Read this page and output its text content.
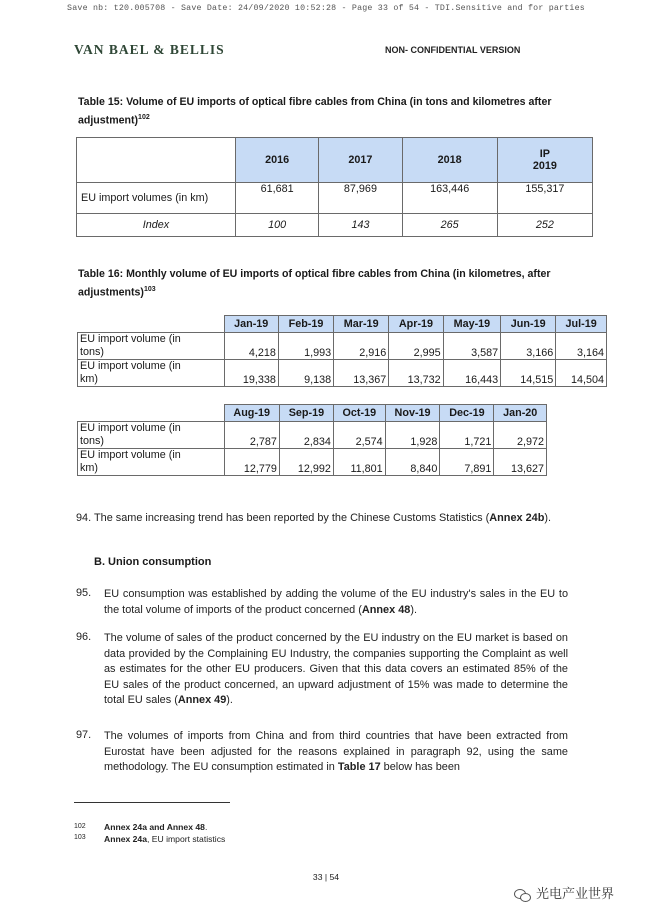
Save nb: t20.005708 - Save Date: 24/09/2020 10:52:28 - Page 33 of 54 - TDI.Sensitive and for parties
VAN BAEL & BELLIS	NON- CONFIDENTIAL VERSION
Table 15: Volume of EU imports of optical fibre cables from China (in tons and kilometres after adjustment)$^{102}$
	2016	2017	2018	IP
2019
EU import volumes (in km)	61,681	87,969	163,446	155,317
Index	100	143	265	252
Table 16: Monthly volume of EU imports of optical fibre cables from China (in kilometres, after adjustments)$^{103}$
	Jan-19	Feb-19	Mar-19	Apr-19	May-19	Jun-19	Jul-19
EU import volume (in
tons)	4,218	1,993	2,916	2,995	3,587	3,166	3,164
EU import volume (in
km)	19,338	9,138	13,367	13,732	16,443	14,515	14,504
	Aug-19	Sep-19	Oct-19	Nov-19	Dec-19	Jan-20
EU import volume (in
tons)	2,787	2,834	2,574	1,928	1,721	2,972
EU import volume (in
km)	12,779	12,992	11,801	8,840	7,891	13,627
94. The same increasing trend has been reported by the Chinese Customs Statistics (Annex 24b).
B. Union consumption
95. EU consumption was established by adding the volume of the EU industry's sales in the EU to the total volume of imports of the product concerned (Annex 48).
96. The volume of sales of the product concerned by the EU industry on the EU market is based on data provided by the Complaining EU Industry, the companies supporting the Complaint as well as estimates for the other EU producers. Given that this data covers an estimated 85% of the EU sales of the product concerned, an upward adjustment of 15% was made to determine the total EU sales (Annex 49).
97. The volumes of imports from China and from third countries that have been extracted from Eurostat have been adjusted for the reasons explained in paragraph 92, using the same methodology. The EU consumption estimated in Table 17 below has been
102 Annex 24a and Annex 48.
103 Annex 24a, EU import statistics
33 | 54
光电产业世界
